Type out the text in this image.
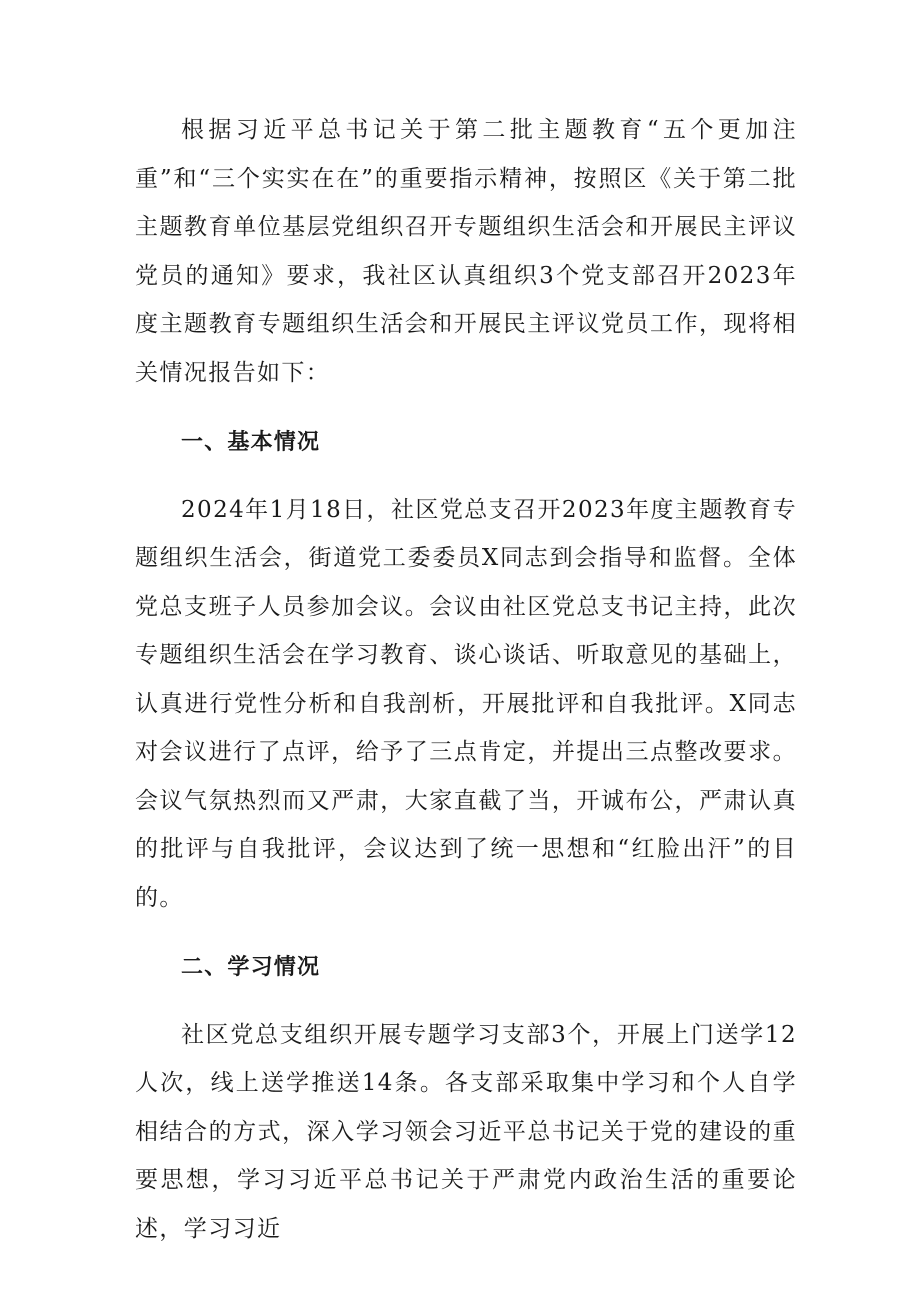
根据习近平总书记关于第二批主题教育“五个更加注重”和“三个实实在在”的重要指示精神，按照区《关于第二批主题教育单位基层党组织召开专题组织生活会和开展民主评议党员的通知》要求，我社区认真组织3个党支部召开2023年度主题教育专题组织生活会和开展民主评议党员工作，现将相关情况报告如下：

一、基本情况

2024年1月18日，社区党总支召开2023年度主题教育专题组织生活会，街道党工委委员X同志到会指导和监督。全体党总支班子人员参加会议。会议由社区党总支书记主持，此次专题组织生活会在学习教育、谈心谈话、听取意见的基础上，认真进行党性分析和自我剖析，开展批评和自我批评。X同志对会议进行了点评，给予了三点肯定，并提出三点整改要求。会议气氛热烈而又严肃，大家直截了当，开诚布公，严肃认真的批评与自我批评，会议达到了统一思想和“红脸出汗”的目的。

二、学习情况

社区党总支组织开展专题学习支部3个，开展上门送学12人次，线上送学推送14条。各支部采取集中学习和个人自学相结合的方式，深入学习领会习近平总书记关于党的建设的重要思想，学习习近平总书记关于严肃党内政治生活的重要论述，学习习近
